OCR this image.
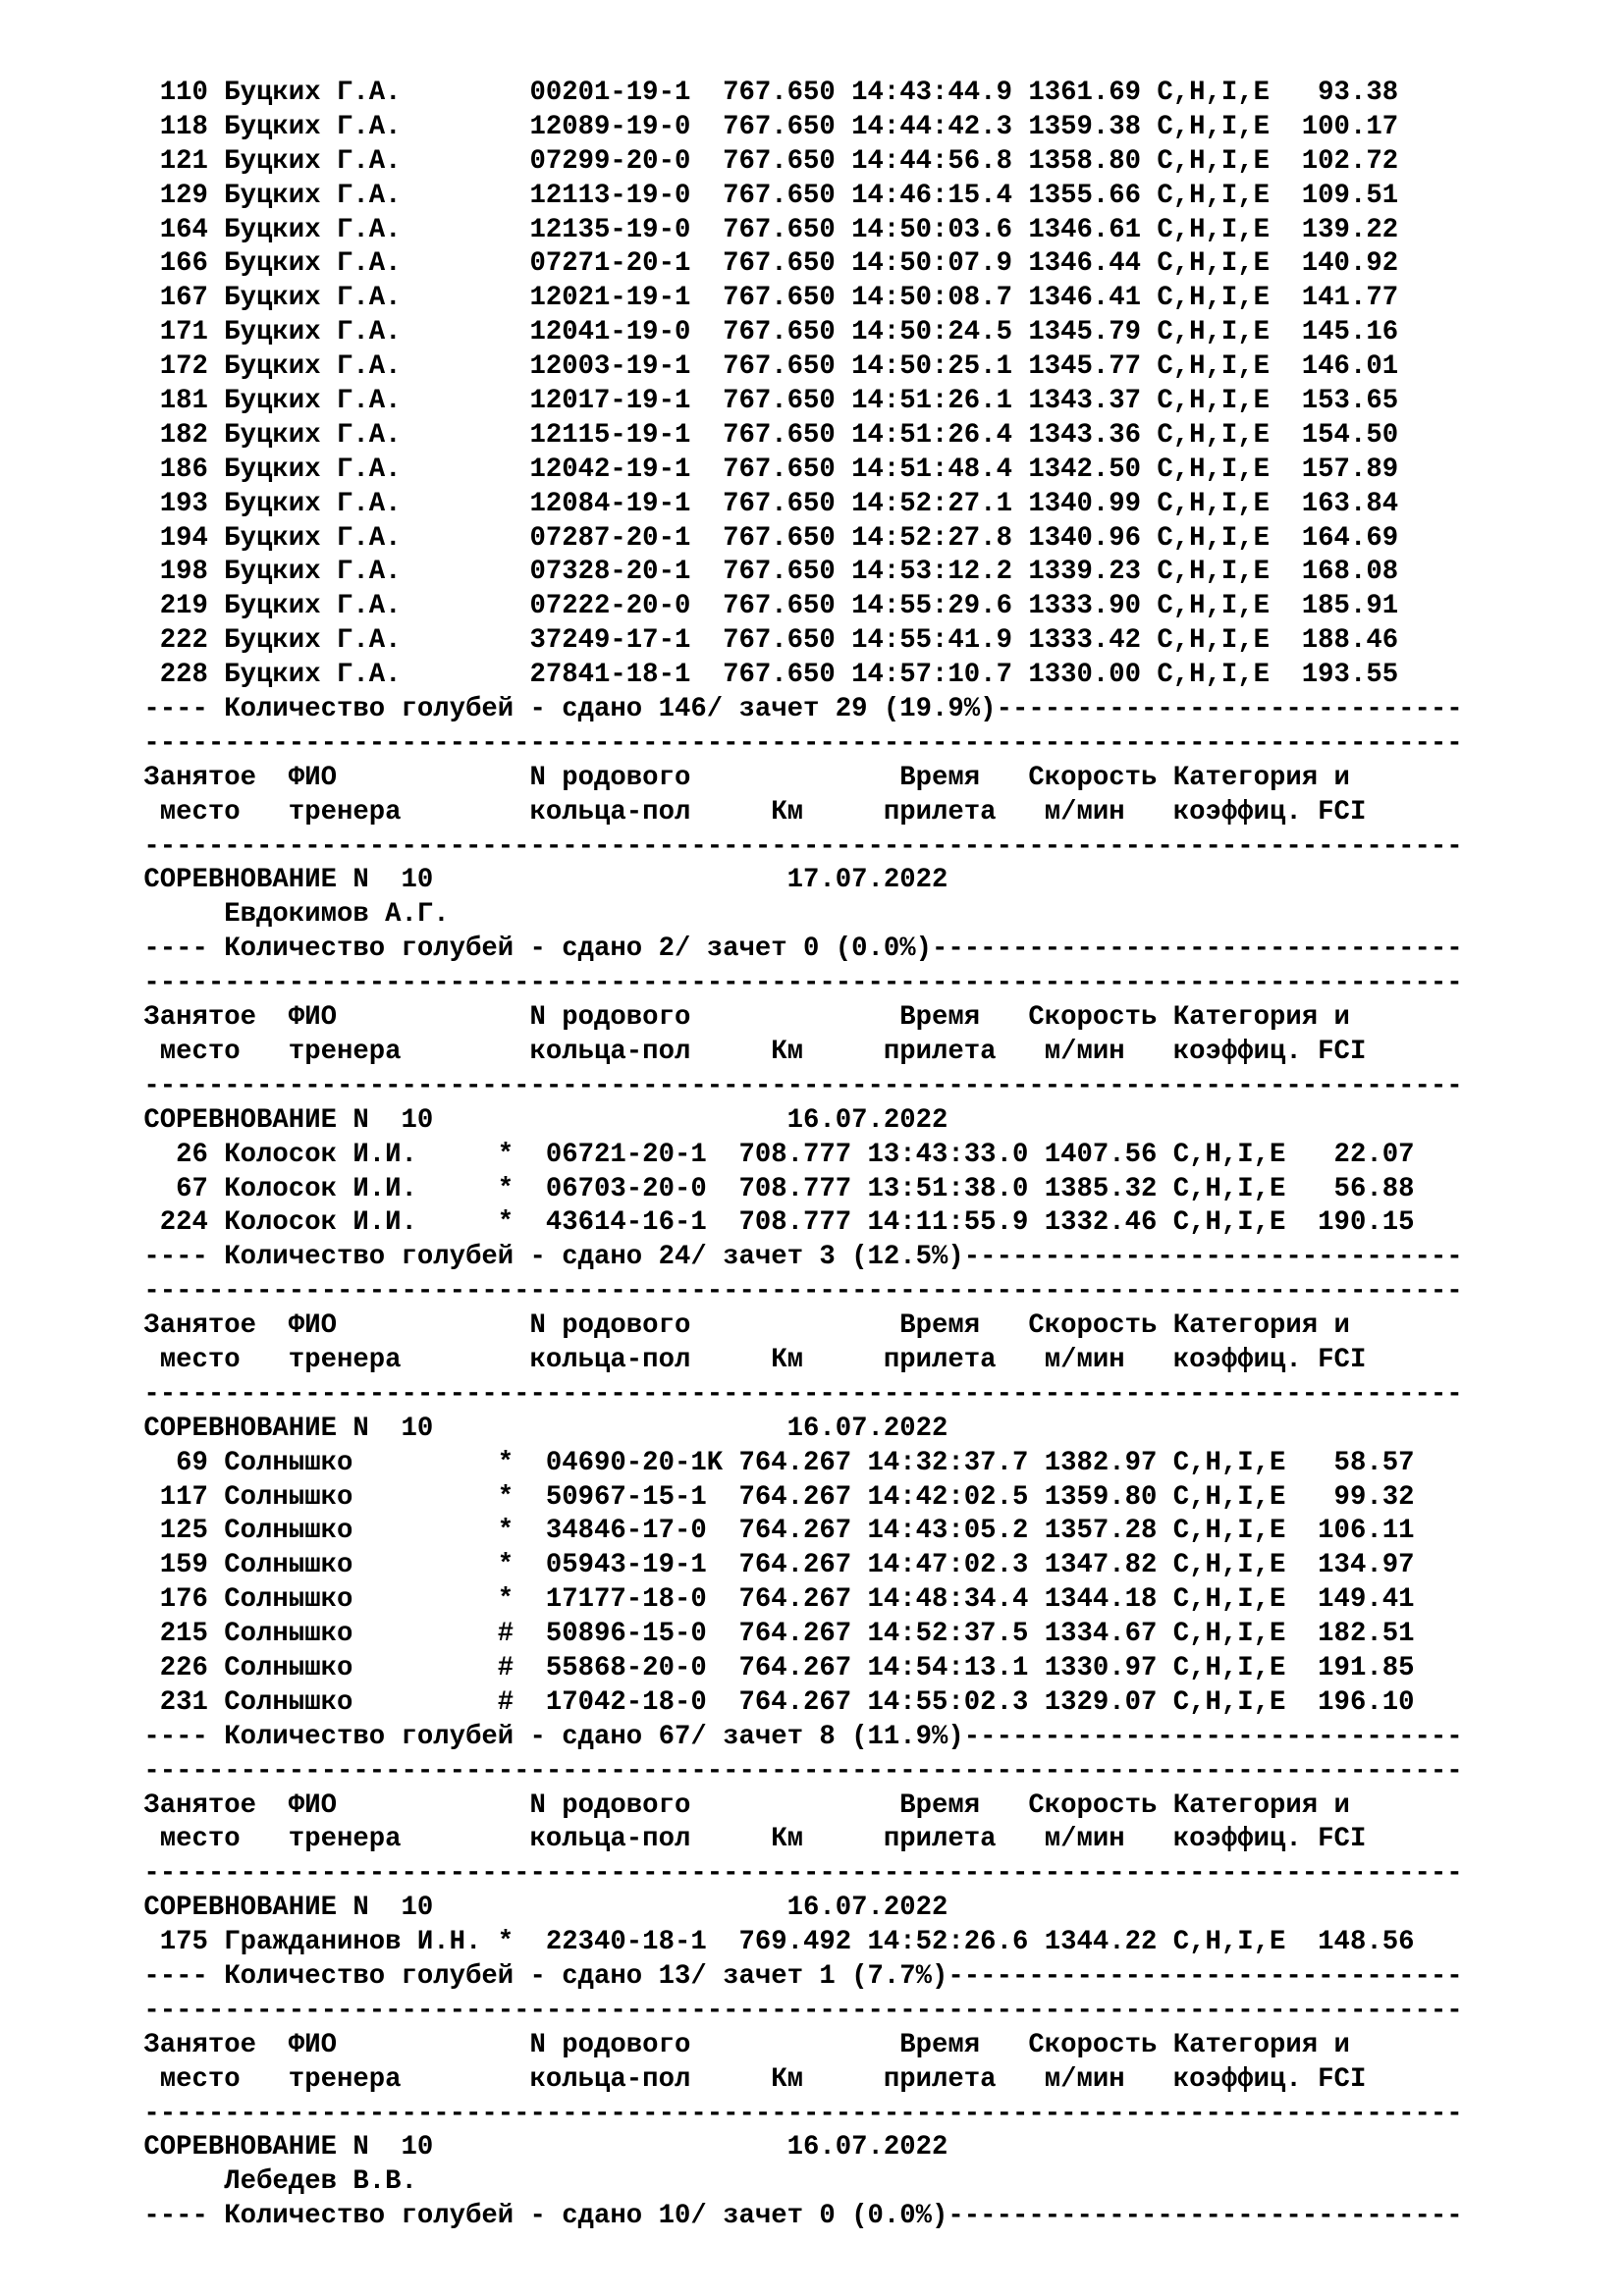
110 Буцких Г.А.        00201-19-1  767.650 14:43:44.9 1361.69 C,H,I,E   93.38
118 Буцких Г.А.        12089-19-0  767.650 14:44:42.3 1359.38 C,H,I,E  100.17
121 Буцких Г.А.        07299-20-0  767.650 14:44:56.8 1358.80 C,H,I,E  102.72
129 Буцких Г.А.        12113-19-0  767.650 14:46:15.4 1355.66 C,H,I,E  109.51
164 Буцких Г.А.        12135-19-0  767.650 14:50:03.6 1346.61 C,H,I,E  139.22
166 Буцких Г.А.        07271-20-1  767.650 14:50:07.9 1346.44 C,H,I,E  140.92
167 Буцких Г.А.        12021-19-1  767.650 14:50:08.7 1346.41 C,H,I,E  141.77
171 Буцких Г.А.        12041-19-0  767.650 14:50:24.5 1345.79 C,H,I,E  145.16
172 Буцких Г.А.        12003-19-1  767.650 14:50:25.1 1345.77 C,H,I,E  146.01
181 Буцких Г.А.        12017-19-1  767.650 14:51:26.1 1343.37 C,H,I,E  153.65
182 Буцких Г.А.        12115-19-1  767.650 14:51:26.4 1343.36 C,H,I,E  154.50
186 Буцких Г.А.        12042-19-1  767.650 14:51:48.4 1342.50 C,H,I,E  157.89
193 Буцких Г.А.        12084-19-1  767.650 14:52:27.1 1340.99 C,H,I,E  163.84
194 Буцких Г.А.        07287-20-1  767.650 14:52:27.8 1340.96 C,H,I,E  164.69
198 Буцких Г.А.        07328-20-1  767.650 14:53:12.2 1339.23 C,H,I,E  168.08
219 Буцких Г.А.        07222-20-0  767.650 14:55:29.6 1333.90 C,H,I,E  185.91
222 Буцких Г.А.        37249-17-1  767.650 14:55:41.9 1333.42 C,H,I,E  188.46
228 Буцких Г.А.        27841-18-1  767.650 14:57:10.7 1330.00 C,H,I,E  193.55
---- Количество голубей - сдано 146/ зачет 29 (19.9%)-----------------------------
----------------------------------------------------------------------------------
Занятое  ФИО            N родового             Время   Скорость Категория и
место   тренера        кольца-пол     Км     прилета   м/мин   коэффиц. FCI
----------------------------------------------------------------------------------
СОРЕВНОВАНИЕ N  10                      17.07.2022
Евдокимов А.Г.
---- Количество голубей - сдано 2/ зачет 0 (0.0%)---------------------------------
----------------------------------------------------------------------------------
Занятое  ФИО            N родового             Время   Скорость Категория и
место   тренера        кольца-пол     Км     прилета   м/мин   коэффиц. FCI
----------------------------------------------------------------------------------
СОРЕВНОВАНИЕ N  10                      16.07.2022
26 Колосок И.И.     *  06721-20-1  708.777 13:43:33.0 1407.56 C,H,I,E   22.07
67 Колосок И.И.     *  06703-20-0  708.777 13:51:38.0 1385.32 C,H,I,E   56.88
224 Колосок И.И.     *  43614-16-1  708.777 14:11:55.9 1332.46 C,H,I,E  190.15
---- Количество голубей - сдано 24/ зачет 3 (12.5%)-------------------------------
----------------------------------------------------------------------------------
Занятое  ФИО            N родового             Время   Скорость Категория и
место   тренера        кольца-пол     Км     прилета   м/мин   коэффиц. FCI
----------------------------------------------------------------------------------
СОРЕВНОВАНИЕ N  10                      16.07.2022
69 Солнышко         *  04690-20-1K 764.267 14:32:37.7 1382.97 C,H,I,E   58.57
117 Солнышко         *  50967-15-1  764.267 14:42:02.5 1359.80 C,H,I,E   99.32
125 Солнышко         *  34846-17-0  764.267 14:43:05.2 1357.28 C,H,I,E  106.11
159 Солнышко         *  05943-19-1  764.267 14:47:02.3 1347.82 C,H,I,E  134.97
176 Солнышко         *  17177-18-0  764.267 14:48:34.4 1344.18 C,H,I,E  149.41
215 Солнышко         #  50896-15-0  764.267 14:52:37.5 1334.67 C,H,I,E  182.51
226 Солнышко         #  55868-20-0  764.267 14:54:13.1 1330.97 C,H,I,E  191.85
231 Солнышко         #  17042-18-0  764.267 14:55:02.3 1329.07 C,H,I,E  196.10
---- Количество голубей - сдано 67/ зачет 8 (11.9%)-------------------------------
----------------------------------------------------------------------------------
Занятое  ФИО            N родового             Время   Скорость Категория и
место   тренера        кольца-пол     Км     прилета   м/мин   коэффиц. FCI
----------------------------------------------------------------------------------
СОРЕВНОВАНИЕ N  10                      16.07.2022
175 Гражданинов И.Н. *  22340-18-1  769.492 14:52:26.6 1344.22 C,H,I,E  148.56
---- Количество голубей - сдано 13/ зачет 1 (7.7%)--------------------------------
----------------------------------------------------------------------------------
Занятое  ФИО            N родового             Время   Скорость Категория и
место   тренера        кольца-пол     Км     прилета   м/мин   коэффиц. FCI
----------------------------------------------------------------------------------
СОРЕВНОВАНИЕ N  10                      16.07.2022
Лебедев В.В.
---- Количество голубей - сдано 10/ зачет 0 (0.0%)--------------------------------
